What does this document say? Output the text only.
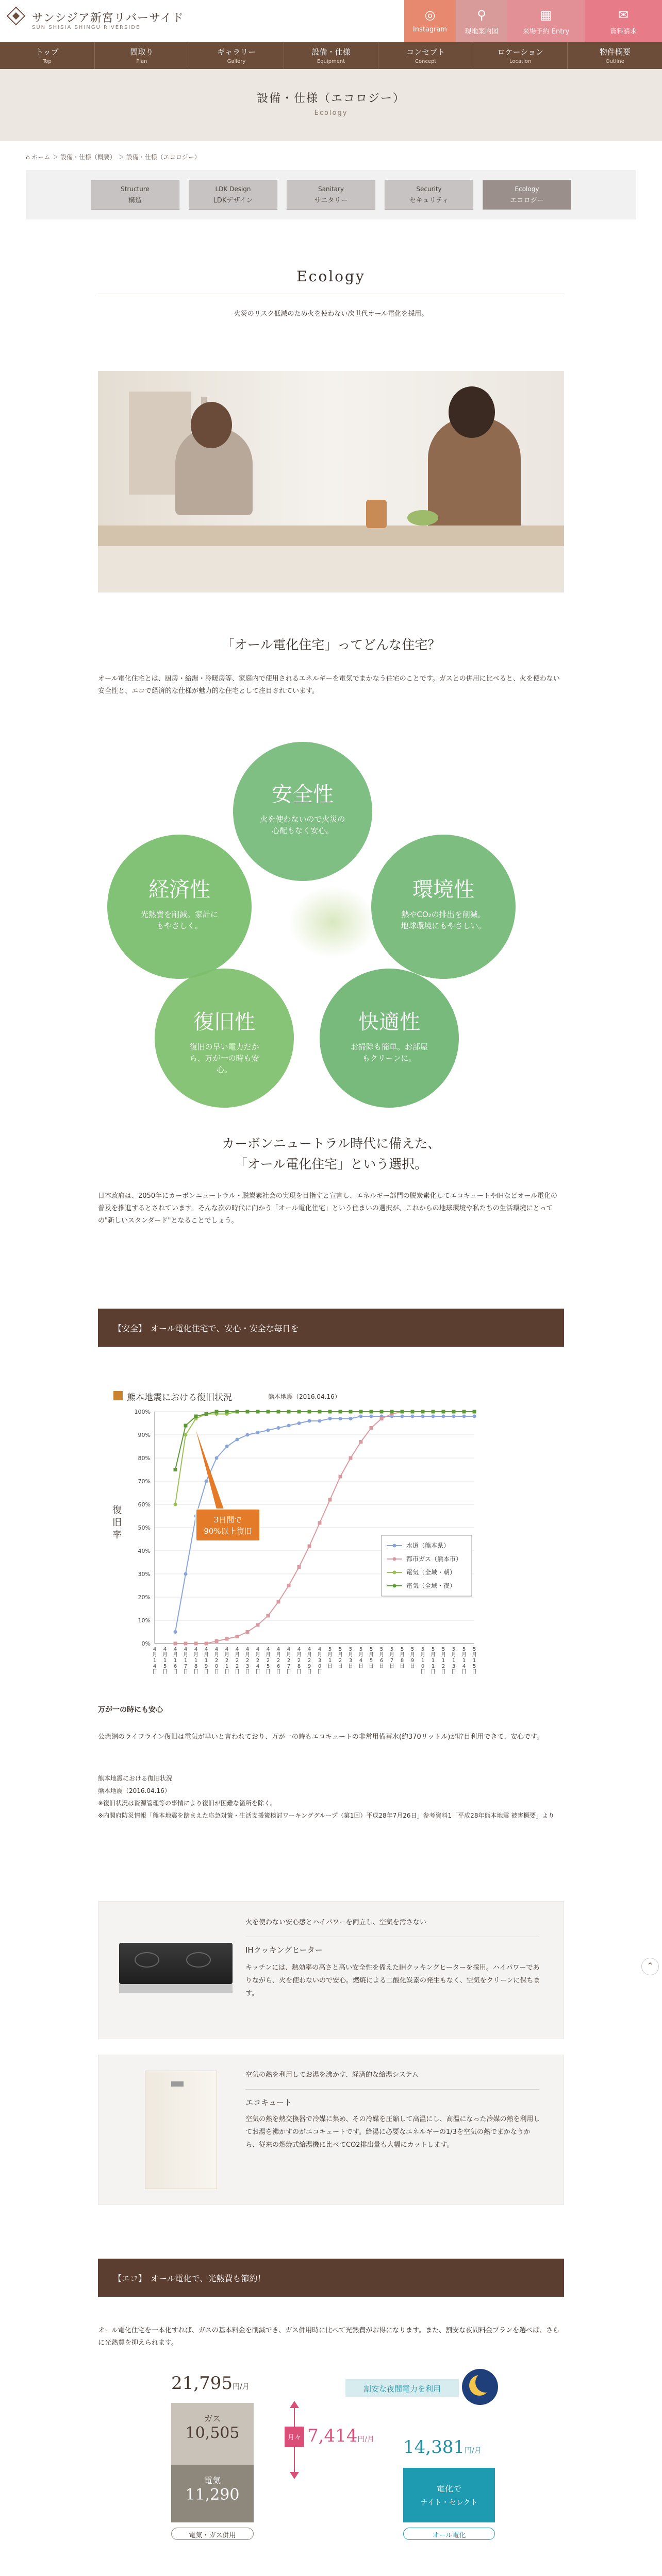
サンシジア新宮リバーサイド
SUN SHISIA SHINGU RIVERSIDE
◎
Instagram
⚲
現地案内図
▦
来場予約 Entry
✉
資料請求
トップ
Top
間取り
Plan
ギャラリー
Gallery
設備・仕様
Equipment
コンセプト
Concept
ロケーション
Location
物件概要
Outline
設備・仕様（エコロジー）
Ecology
⌂ ホーム ＞ 設備・仕様（概要） ＞ 設備・仕様（エコロジー）
Structure
構造
LDK Design
LDKデザイン
Sanitary
サニタリー
Security
セキュリティ
Ecology
エコロジー
Ecology
火災のリスク低減のため火を使わない次世代オール電化を採用。
「オール電化住宅」ってどんな住宅？
オール電化住宅とは、厨房・給湯・冷暖房等、家庭内で使用されるエネルギーを電気でまかなう住宅のことです。ガスとの併用に比べると、火を使わない安全性と、エコで経済的な仕様が魅力的な住宅として注目されています。
安全性
火を使わないので火災の心配もなく安心。
経済性
光熱費を削減。家計にもやさしく。
環境性
熱やCO₂の排出を削減。地球環境にもやさしい。
復旧性
復旧の早い電力だから、万が一の時も安心。
快適性
お掃除も簡単。お部屋もクリーンに。
カーボンニュートラル時代に備えた、
「オール電化住宅」という選択。
日本政府は、2050年にカーボンニュートラル・脱炭素社会の実現を目指すと宣言し、エネルギー部門の脱炭素化してエコキュートやIHなどオール電化の普及を推進するとされています。そんな次の時代に向かう「オール電化住宅」という住まいの選択が、これからの地球環境や私たちの生活環境にとっての"新しいスタンダード"となることでしょう。
【安全】　オール電化住宅で、安心・安全な毎日を
熊本地震における復旧状況	熊本地震（2016.04.16）
復旧率
0%
10%
20%
30%
40%
50%
60%
70%
80%
90%
100%
4 月 1 4 日
4 月 1 5 日
4 月 1 6 日
4 月 1 7 日
4 月 1 8 日
4 月 1 9 日
4 月 2 0 日
4 月 2 1 日
4 月 2 2 日
4 月 2 3 日
4 月 2 4 日
4 月 2 5 日
4 月 2 6 日
4 月 2 7 日
4 月 2 8 日
4 月 2 9 日
4 月 3 0 日
5 月 1 日
5 月 2 日
5 月 3 日
5 月 4 日
5 月 5 日
5 月 6 日
5 月 7 日
5 月 8 日
5 月 9 日
5 月 1 0 日
5 月 1 1 日
5 月 1 2 日
5 月 1 3 日
5 月 1 4 日
5 月 1 5 日
水道（熊本県）
都市ガス（熊本市）
電気（全域・朝）
電気（全域・夜）
3日間で
90%以上復旧
万が一の時にも安心
公衆網のライフライン復旧は電気が早いと言われており、万が一の時もエコキュートの非常用備蓄水(約370リットル)が貯目利用できて、安心です。
熊本地震における復旧状況
熊本地震（2016.04.16）
※復旧状況は資源管理等の事情により復旧が困難な箇所を除く。
※内閣府防災情報「熊本地震を踏まえた応急対策・生活支援策検討ワーキンググループ（第1回）平成28年7月26日」参考資料1「平成28年熊本地震 被害概要」より
火を使わない安心感とハイパワーを両立し、空気を汚さない
IHクッキングヒーター
キッチンには、熱効率の高さと高い安全性を備えたIHクッキングヒーターを採用。ハイパワーでありながら、火を使わないので安心。燃焼による二酸化炭素の発生もなく、空気をクリーンに保ちます。
空気の熱を利用してお湯を沸かす、経済的な給湯システム
エコキュート
空気の熱を熱交換器で冷媒に集め、その冷媒を圧縮して高温にし、高温になった冷媒の熱を利用してお湯を沸かすのがエコキュートです。給湯に必要なエネルギーの1/3を空気の熱でまかなうから、従来の燃焼式給湯機に比べてCO2排出量も大幅にカットします。
【エコ】　オール電化で、光熱費も節約！
オール電化住宅を一本化すれば、ガスの基本料金を削減でき、ガス併用時に比べて光熱費がお得になります。また、割安な夜間料金プランを選べば、さらに光熱費を抑えられます。
21,795円/月
ガス
10,505
電気
11,290
電気・ガス併用
月々 7,414円/月
割安な夜間電力を利用
14,381円/月
電化で
ナイト・セレクト
オール電化
⌃
